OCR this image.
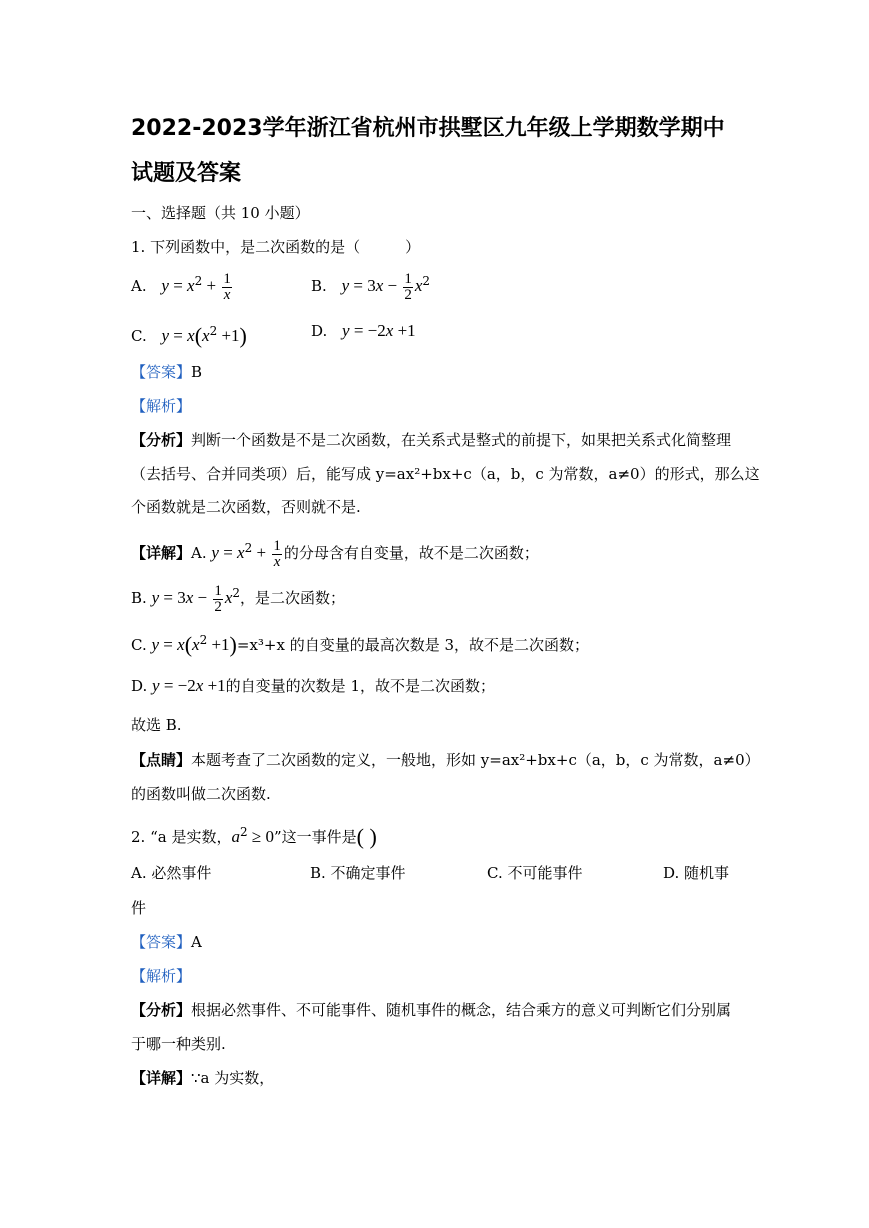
2022-2023学年浙江省杭州市拱墅区九年级上学期数学期中
试题及答案
一、选择题（共 10 小题）
1. 下列函数中，是二次函数的是（　　　）
A. $y = x^2 + \frac{1}{x}$	B. $y = 3x - \frac{1}{2} x^2$
C. $y = x(x^2 +1)$	D. y = −2x +1
【答案】B
【解析】
【分析】判断一个函数是不是二次函数，在关系式是整式的前提下，如果把关系式化简整理
（去括号、合并同类项）后，能写成 y=ax²+bx+c（a，b，c 为常数，a≠0）的形式，那么这
个函数就是二次函数，否则就不是.
【详解】A. $y = x^2 + \frac{1}{x}$ 的分母含有自变量，故不是二次函数；
B. $y = 3x - \frac{1}{2} x^2$，是二次函数；
C. $y = x(x^2 +1)=x^3+x$ 的自变量的最高次数是 3，故不是二次函数；
D. y = −2x +1的自变量的次数是 1，故不是二次函数；
故选 B.
【点睛】本题考查了二次函数的定义，一般地，形如 y=ax²+bx+c（a，b，c 为常数，a≠0）
的函数叫做二次函数.
2. “a 是实数，$a^2 \ge 0$”这一事件是( )
A. 必然事件	B. 不确定事件	C. 不可能事件	D. 随机事
件
【答案】A
【解析】
【分析】根据必然事件、不可能事件、随机事件的概念，结合乘方的意义可判断它们分别属
于哪一种类别.
【详解】∵a 为实数，
